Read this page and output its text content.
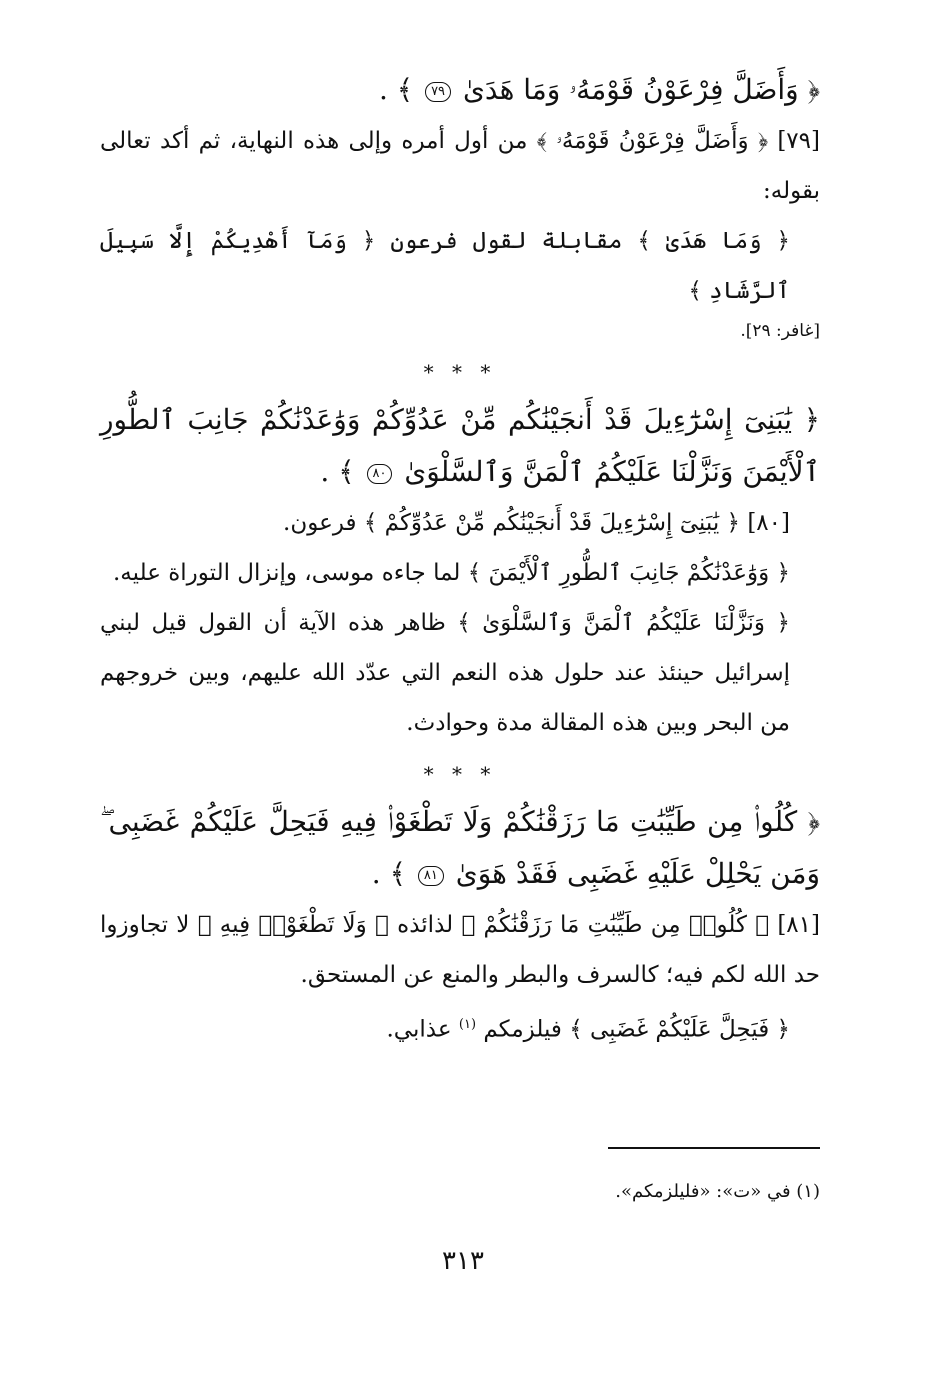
﴿ وَأَضَلَّ فِرْعَوْنُ قَوْمَهُۥ وَمَا هَدَىٰ ٧٩ ﴾ .

[٧٩] ﴿ وَأَضَلَّ فِرْعَوْنُ قَوْمَهُۥ ﴾ من أول أمره وإلى هذه النهاية، ثم أكد تعالى بقوله:

﴿ وَمَا هَدَىٰ ﴾ مقابلة لقول فرعون ﴿ وَمَآ أَهْدِيكُمْ إِلَّا سَبِيلَ ٱلرَّشَادِ ﴾

[غافر: ٢٩].

* * *

﴿ يَٰبَنِىٓ إِسْرَٰٓءِيلَ قَدْ أَنجَيْنَٰكُم مِّنْ عَدُوِّكُمْ وَوَٰعَدْنَٰكُمْ جَانِبَ ٱلطُّورِ ٱلْأَيْمَنَ وَنَزَّلْنَا عَلَيْكُمُ ٱلْمَنَّ وَٱلسَّلْوَىٰ ٨٠ ﴾ .

[٨٠] ﴿ يَٰبَنِىٓ إِسْرَٰٓءِيلَ قَدْ أَنجَيْنَٰكُم مِّنْ عَدُوِّكُمْ ﴾ فرعون.

﴿ وَوَٰعَدْنَٰكُمْ جَانِبَ ٱلطُّورِ ٱلْأَيْمَنَ ﴾ لما جاءه موسى، وإنزال التوراة عليه.

﴿ وَنَزَّلْنَا عَلَيْكُمُ ٱلْمَنَّ وَٱلسَّلْوَىٰ ﴾ ظاهر هذه الآية أن القول قيل لبني إسرائيل حينئذ عند حلول هذه النعم التي عدّد الله عليهم، وبين خروجهم من البحر وبين هذه المقالة مدة وحوادث.

* * *

﴿ كُلُوا۟ مِن طَيِّبَٰتِ مَا رَزَقْنَٰكُمْ وَلَا تَطْغَوْا۟ فِيهِ فَيَحِلَّ عَلَيْكُمْ غَضَبِى ۖ وَمَن يَحْلِلْ عَلَيْهِ غَضَبِى فَقَدْ هَوَىٰ ٨١ ﴾ .

[٨١] ﴿ كُلُوا۟ مِن طَيِّبَٰتِ مَا رَزَقْنَٰكُمْ ﴾ لذائذه ﴿ وَلَا تَطْغَوْا۟ فِيهِ ﴾ لا تجاوزوا حد الله لكم فيه؛ كالسرف والبطر والمنع عن المستحق.

﴿ فَيَحِلَّ عَلَيْكُمْ غَضَبِى ﴾ فيلزمكم $^{(١)}$ عذابي.

(١) في «ت»: «فليلزمكم».

٣١٣
